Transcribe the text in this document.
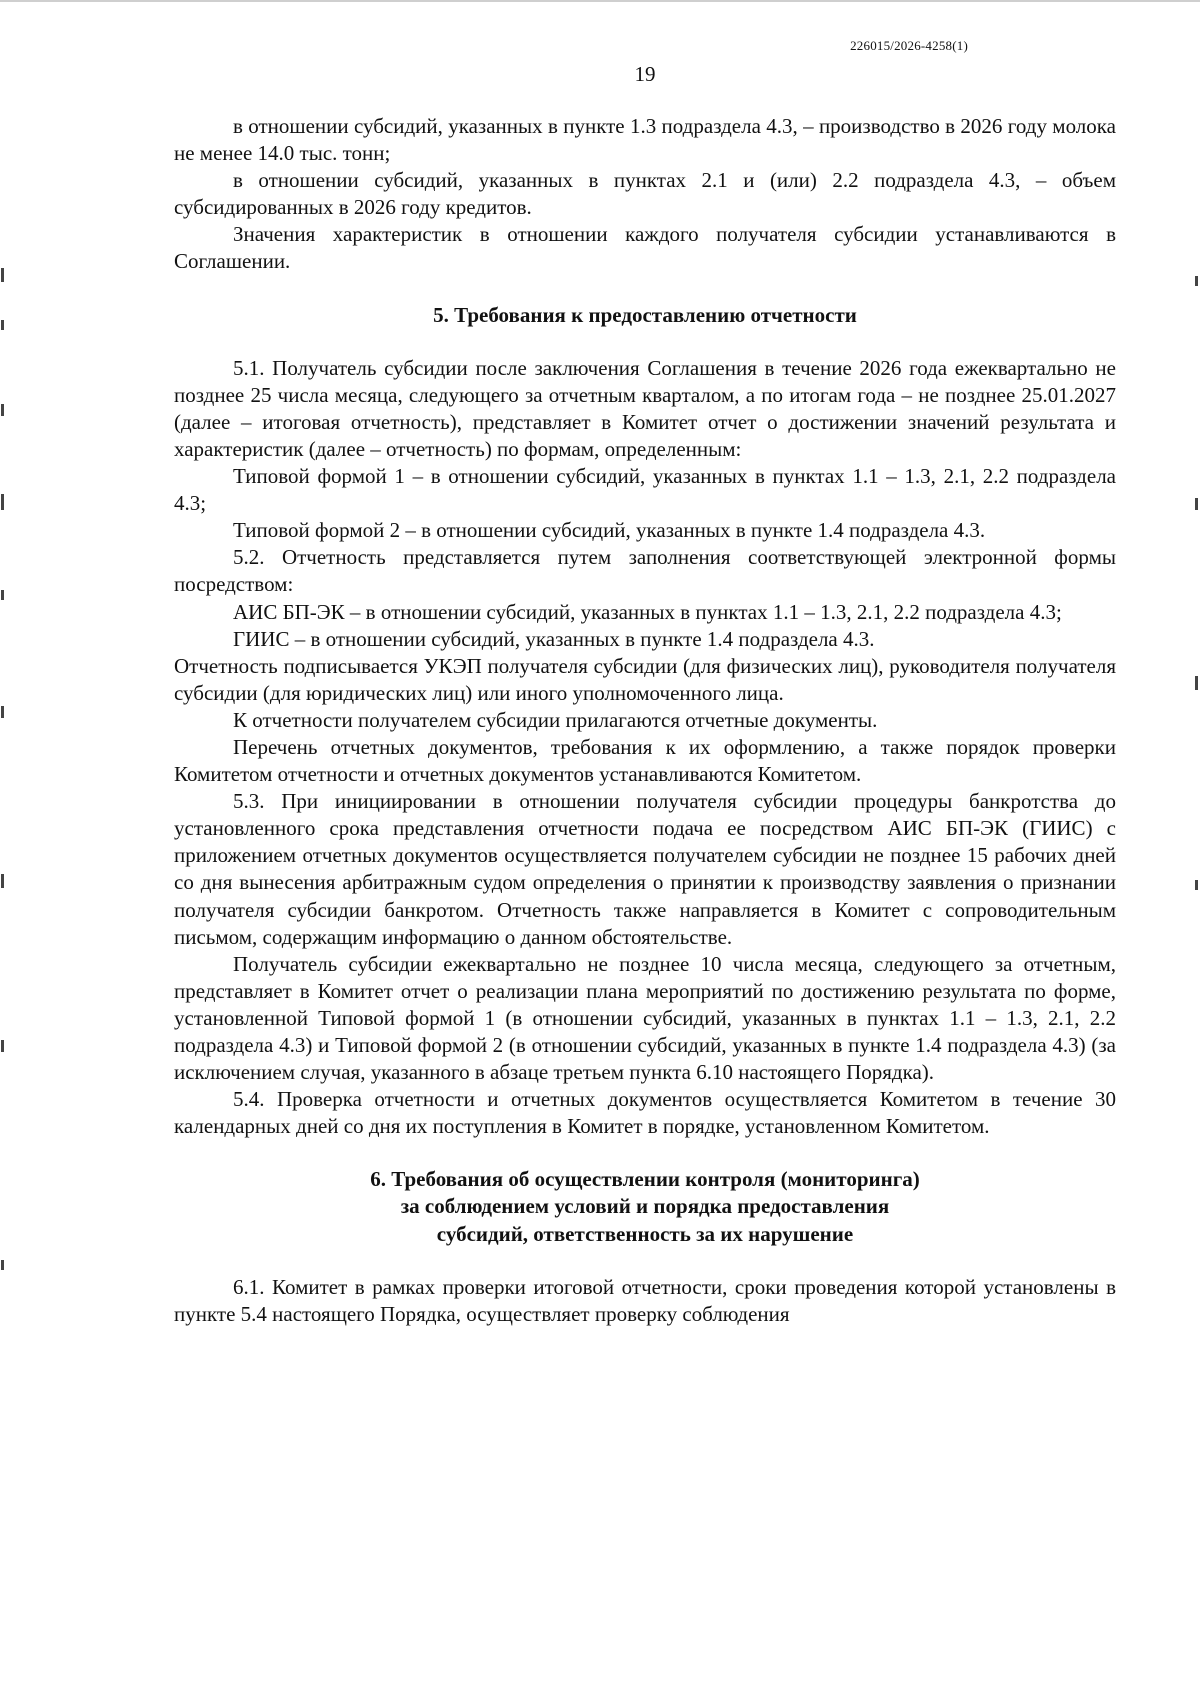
226015/2026-4258(1)
19

в отношении субсидий, указанных в пункте 1.3 подраздела 4.3, – производство в 2026 году молока не менее 14.0 тыс. тонн;

в отношении субсидий, указанных в пунктах 2.1 и (или) 2.2 подраздела 4.3, – объем субсидированных в 2026 году кредитов.

Значения характеристик в отношении каждого получателя субсидии устанавливаются в Соглашении.

5. Требования к предоставлению отчетности

5.1. Получатель субсидии после заключения Соглашения в течение 2026 года ежеквартально не позднее 25 числа месяца, следующего за отчетным кварталом, а по итогам года – не позднее 25.01.2027 (далее – итоговая отчетность), представляет в Комитет отчет о достижении значений результата и характеристик (далее – отчетность) по формам, определенным:

Типовой формой 1 – в отношении субсидий, указанных в пунктах 1.1 – 1.3, 2.1, 2.2 подраздела 4.3;

Типовой формой 2 – в отношении субсидий, указанных в пункте 1.4 подраздела 4.3.

5.2. Отчетность представляется путем заполнения соответствующей электронной формы посредством:

АИС БП-ЭК – в отношении субсидий, указанных в пунктах 1.1 – 1.3, 2.1, 2.2 подраздела 4.3;

ГИИС – в отношении субсидий, указанных в пункте 1.4 подраздела 4.3.

Отчетность подписывается УКЭП получателя субсидии (для физических лиц), руководителя получателя субсидии (для юридических лиц) или иного уполномоченного лица.

К отчетности получателем субсидии прилагаются отчетные документы.

Перечень отчетных документов, требования к их оформлению, а также порядок проверки Комитетом отчетности и отчетных документов устанавливаются Комитетом.

5.3. При инициировании в отношении получателя субсидии процедуры банкротства до установленного срока представления отчетности подача ее посредством АИС БП-ЭК (ГИИС) с приложением отчетных документов осуществляется получателем субсидии не позднее 15 рабочих дней со дня вынесения арбитражным судом определения о принятии к производству заявления о признании получателя субсидии банкротом. Отчетность также направляется в Комитет с сопроводительным письмом, содержащим информацию о данном обстоятельстве.

Получатель субсидии ежеквартально не позднее 10 числа месяца, следующего за отчетным, представляет в Комитет отчет о реализации плана мероприятий по достижению результата по форме, установленной Типовой формой 1 (в отношении субсидий, указанных в пунктах 1.1 – 1.3, 2.1, 2.2 подраздела 4.3) и Типовой формой 2 (в отношении субсидий, указанных в пункте 1.4 подраздела 4.3) (за исключением случая, указанного в абзаце третьем пункта 6.10 настоящего Порядка).

5.4. Проверка отчетности и отчетных документов осуществляется Комитетом в течение 30 календарных дней со дня их поступления в Комитет в порядке, установленном Комитетом.

6. Требования об осуществлении контроля (мониторинга)
за соблюдением условий и порядка предоставления
субсидий, ответственность за их нарушение

6.1. Комитет в рамках проверки итоговой отчетности, сроки проведения которой установлены в пункте 5.4 настоящего Порядка, осуществляет проверку соблюдения
